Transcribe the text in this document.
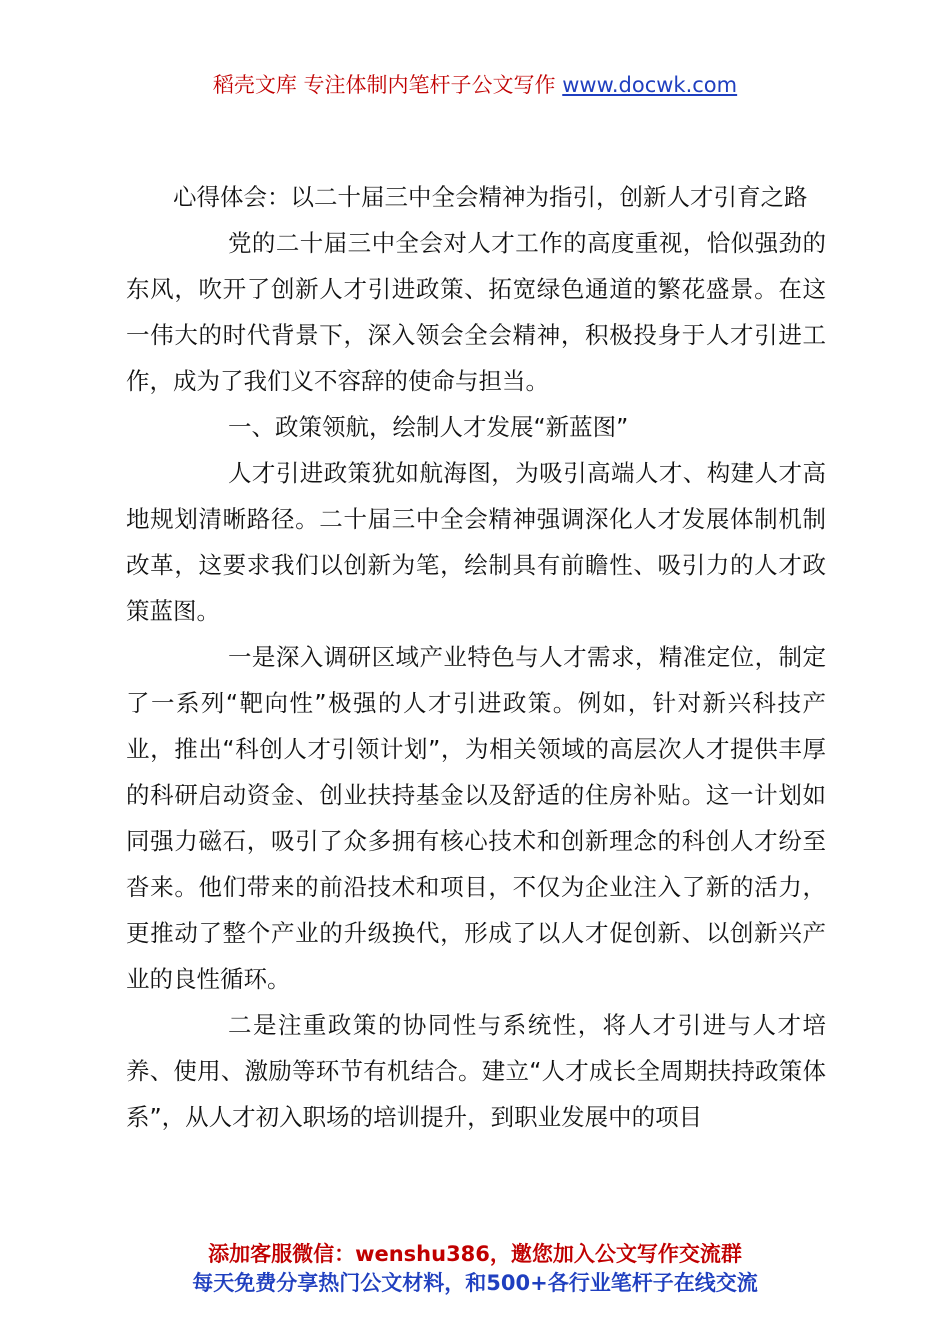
稻壳文库 专注体制内笔杆子公文写作 www.docwk.com

心得体会：以二十届三中全会精神为指引，创新人才引育之路

党的二十届三中全会对人才工作的高度重视，恰似强劲的东风，吹开了创新人才引进政策、拓宽绿色通道的繁花盛景。在这一伟大的时代背景下，深入领会全会精神，积极投身于人才引进工作，成为了我们义不容辞的使命与担当。

一、政策领航，绘制人才发展“新蓝图”

人才引进政策犹如航海图，为吸引高端人才、构建人才高地规划清晰路径。二十届三中全会精神强调深化人才发展体制机制改革，这要求我们以创新为笔，绘制具有前瞻性、吸引力的人才政策蓝图。

一是深入调研区域产业特色与人才需求，精准定位，制定了一系列“靶向性”极强的人才引进政策。例如，针对新兴科技产业，推出“科创人才引领计划”，为相关领域的高层次人才提供丰厚的科研启动资金、创业扶持基金以及舒适的住房补贴。这一计划如同强力磁石，吸引了众多拥有核心技术和创新理念的科创人才纷至沓来。他们带来的前沿技术和项目，不仅为企业注入了新的活力，更推动了整个产业的升级换代，形成了以人才促创新、以创新兴产业的良性循环。

二是注重政策的协同性与系统性，将人才引进与人才培养、使用、激励等环节有机结合。建立“人才成长全周期扶持政策体系”，从人才初入职场的培训提升，到职业发展中的项目

添加客服微信：wenshu386，邀您加入公文写作交流群
每天免费分享热门公文材料，和500+各行业笔杆子在线交流
